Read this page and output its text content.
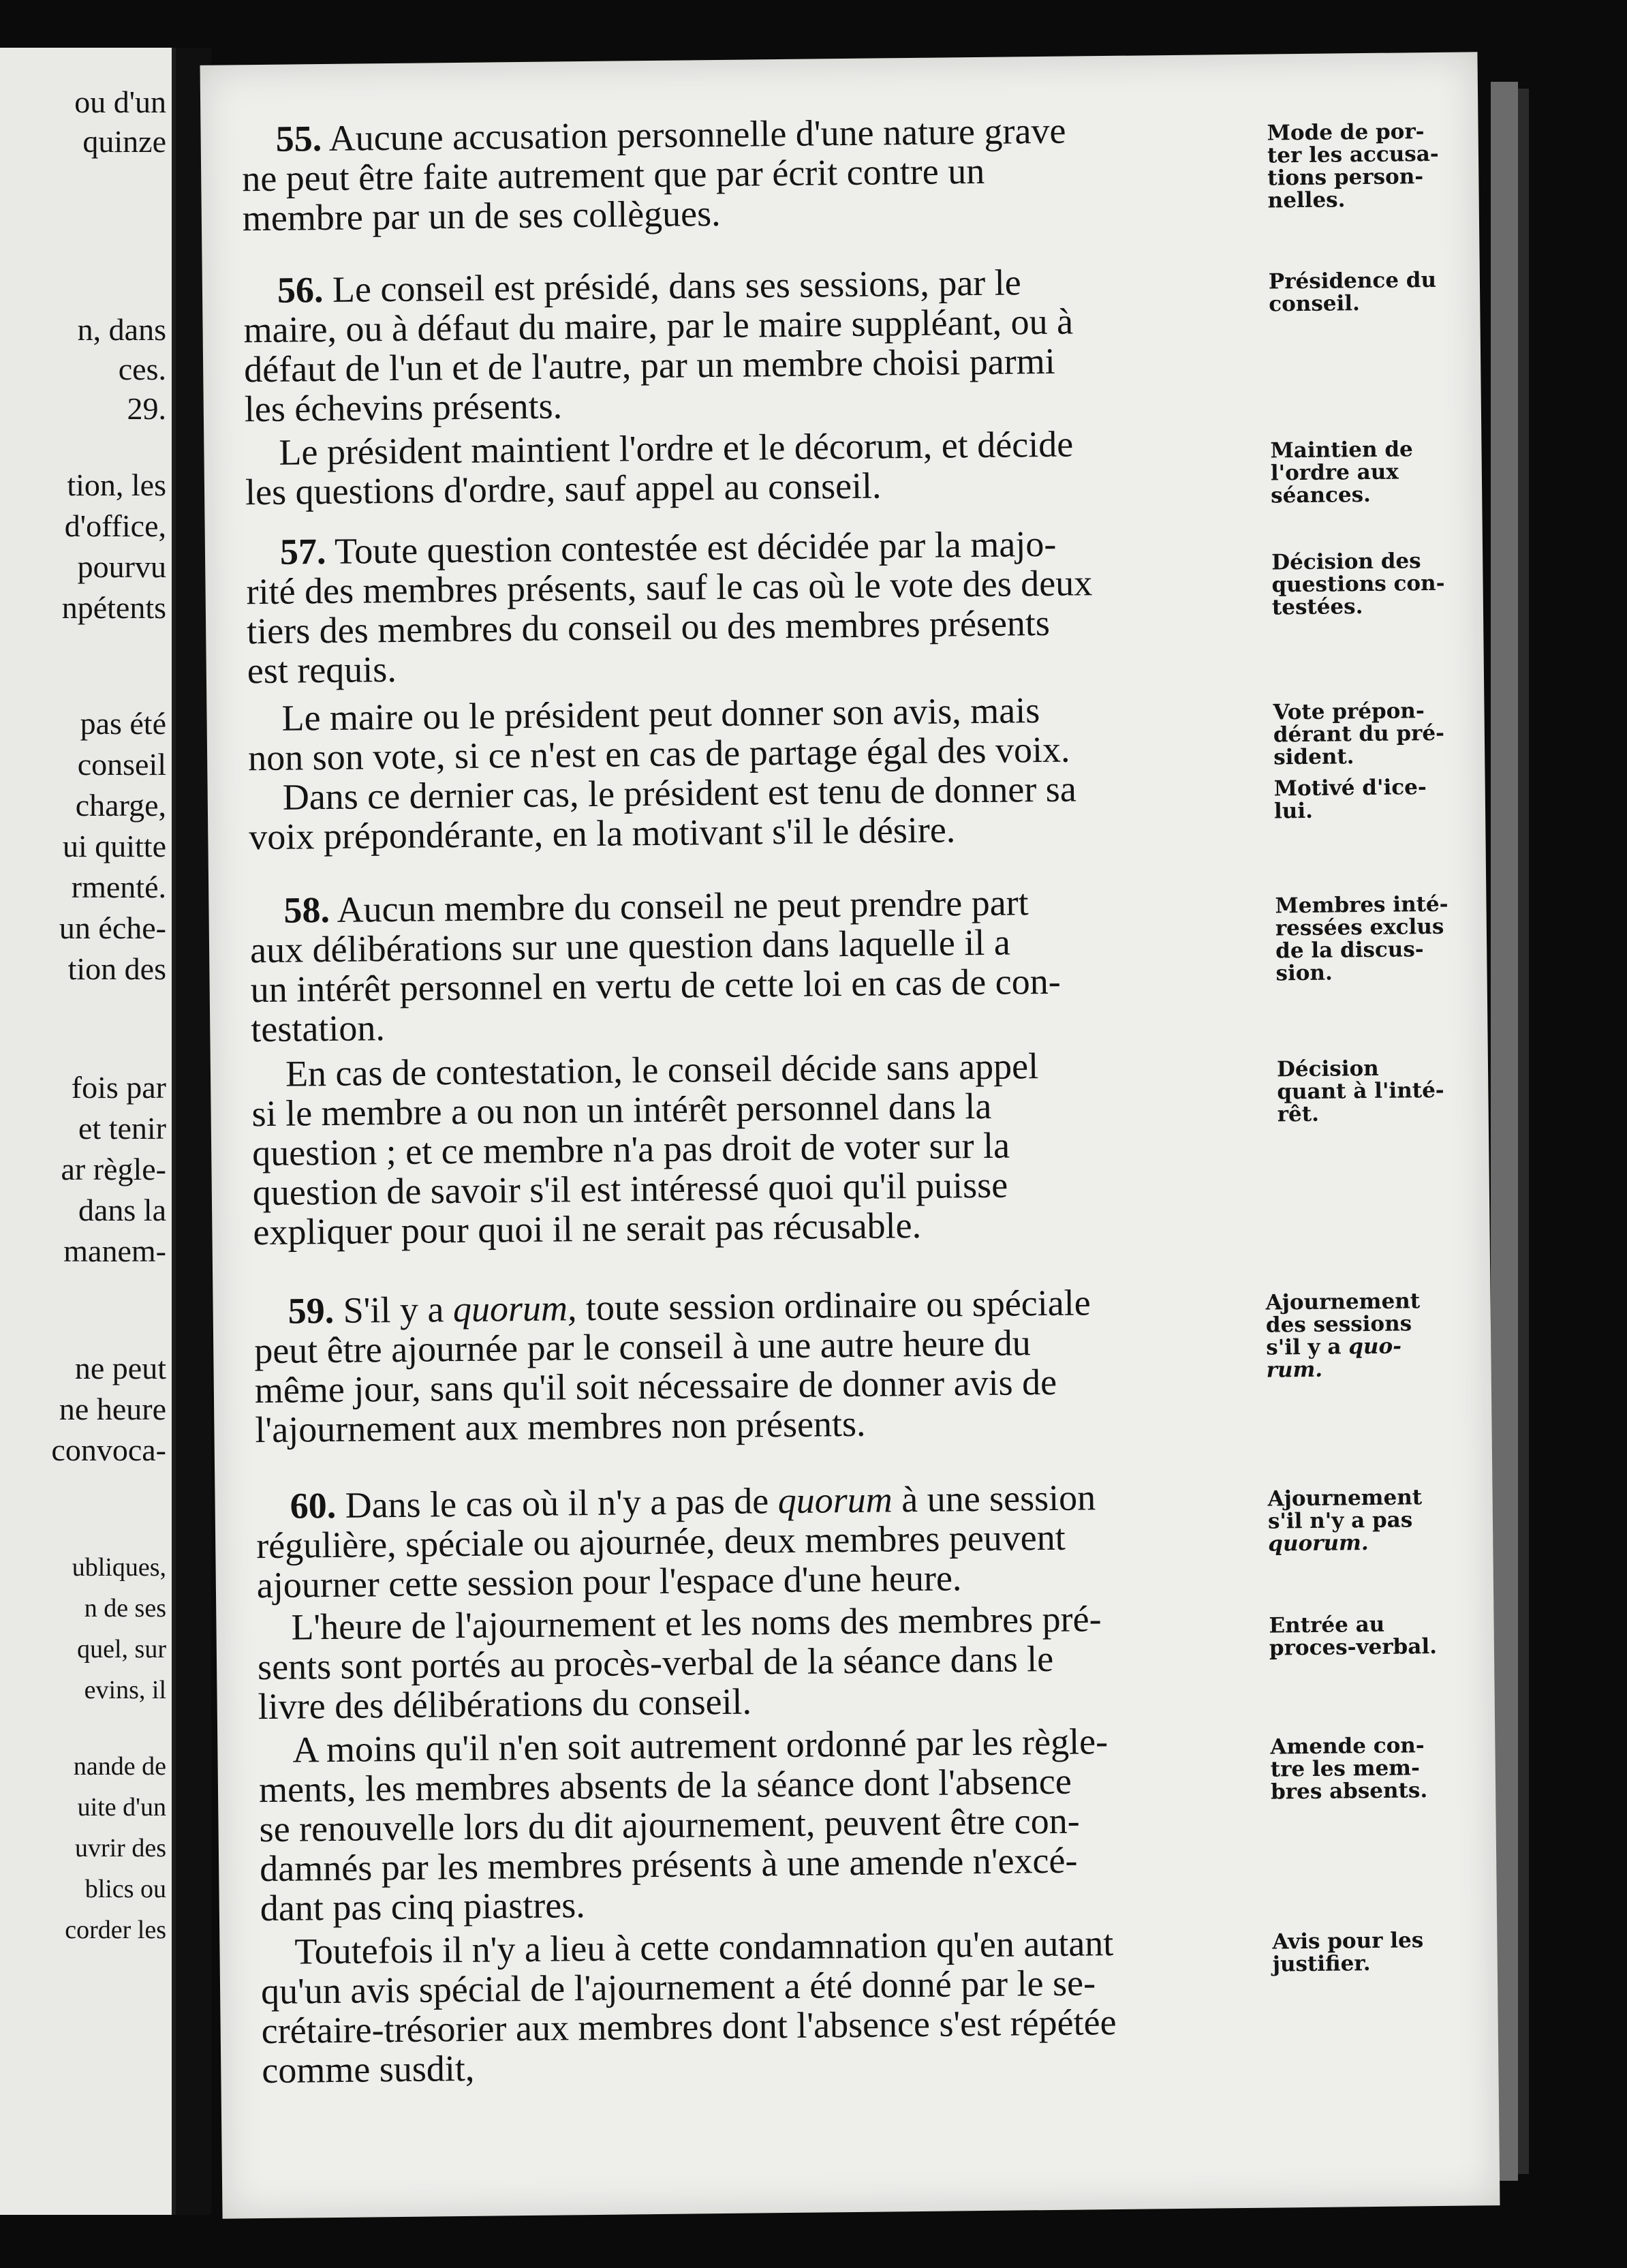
ou d'un
quinze
n, dans
ces.
29.
tion, les
d'office,
pourvu
npétents
pas été
conseil
charge,
ui quitte
rmenté.
un éche-
tion des
fois par
et tenir
ar règle-
dans la
manem-
ne peut
ne heure
convoca-
ubliques,
n de ses
quel, sur
evins, il
nande de
uite d'un
uvrir des
blics ou
corder les
55. Aucune accusation personnelle d'une nature grave
ne peut être faite autrement que par écrit contre un
membre par un de ses collègues.
56. Le conseil est présidé, dans ses sessions, par le
maire, ou à défaut du maire, par le maire suppléant, ou à
défaut de l'un et de l'autre, par un membre choisi parmi
les échevins présents.
Le président maintient l'ordre et le décorum, et décide
les questions d'ordre, sauf appel au conseil.
57. Toute question contestée est décidée par la majo-
rité des membres présents, sauf le cas où le vote des deux
tiers des membres du conseil ou des membres présents
est requis.
Le maire ou le président peut donner son avis, mais
non son vote, si ce n'est en cas de partage égal des voix.
Dans ce dernier cas, le président est tenu de donner sa
voix prépondérante, en la motivant s'il le désire.
58. Aucun membre du conseil ne peut prendre part
aux délibérations sur une question dans laquelle il a
un intérêt personnel en vertu de cette loi en cas de con-
testation.
En cas de contestation, le conseil décide sans appel
si le membre a ou non un intérêt personnel dans la
question ; et ce membre n'a pas droit de voter sur la
question de savoir s'il est intéressé quoi qu'il puisse
expliquer pour quoi il ne serait pas récusable.
59. S'il y a quorum, toute session ordinaire ou spéciale
peut être ajournée par le conseil à une autre heure du
même jour, sans qu'il soit nécessaire de donner avis de
l'ajournement aux membres non présents.
60. Dans le cas où il n'y a pas de quorum à une session
régulière, spéciale ou ajournée, deux membres peuvent
ajourner cette session pour l'espace d'une heure.
L'heure de l'ajournement et les noms des membres pré-
sents sont portés au procès-verbal de la séance dans le
livre des délibérations du conseil.
A moins qu'il n'en soit autrement ordonné par les règle-
ments, les membres absents de la séance dont l'absence
se renouvelle lors du dit ajournement, peuvent être con-
damnés par les membres présents à une amende n'excé-
dant pas cinq piastres.
Toutefois il n'y a lieu à cette condamnation qu'en autant
qu'un avis spécial de l'ajournement a été donné par le se-
crétaire-trésorier aux membres dont l'absence s'est répétée
comme susdit,
Mode de por-
ter les accusa-
tions person-
nelles.
Présidence du
conseil.
Maintien de
l'ordre aux
séances.
Décision des
questions con-
testées.
Vote prépon-
dérant du pré-
sident.
Motivé d'ice-
lui.
Membres inté-
ressées exclus
de la discus-
sion.
Décision
quant à l'inté-
rêt.
Ajournement
des sessions
s'il y a quo-
rum.
Ajournement
s'il n'y a pas
quorum.
Entrée au
proces-verbal.
Amende con-
tre les mem-
bres absents.
Avis pour les
justifier.
